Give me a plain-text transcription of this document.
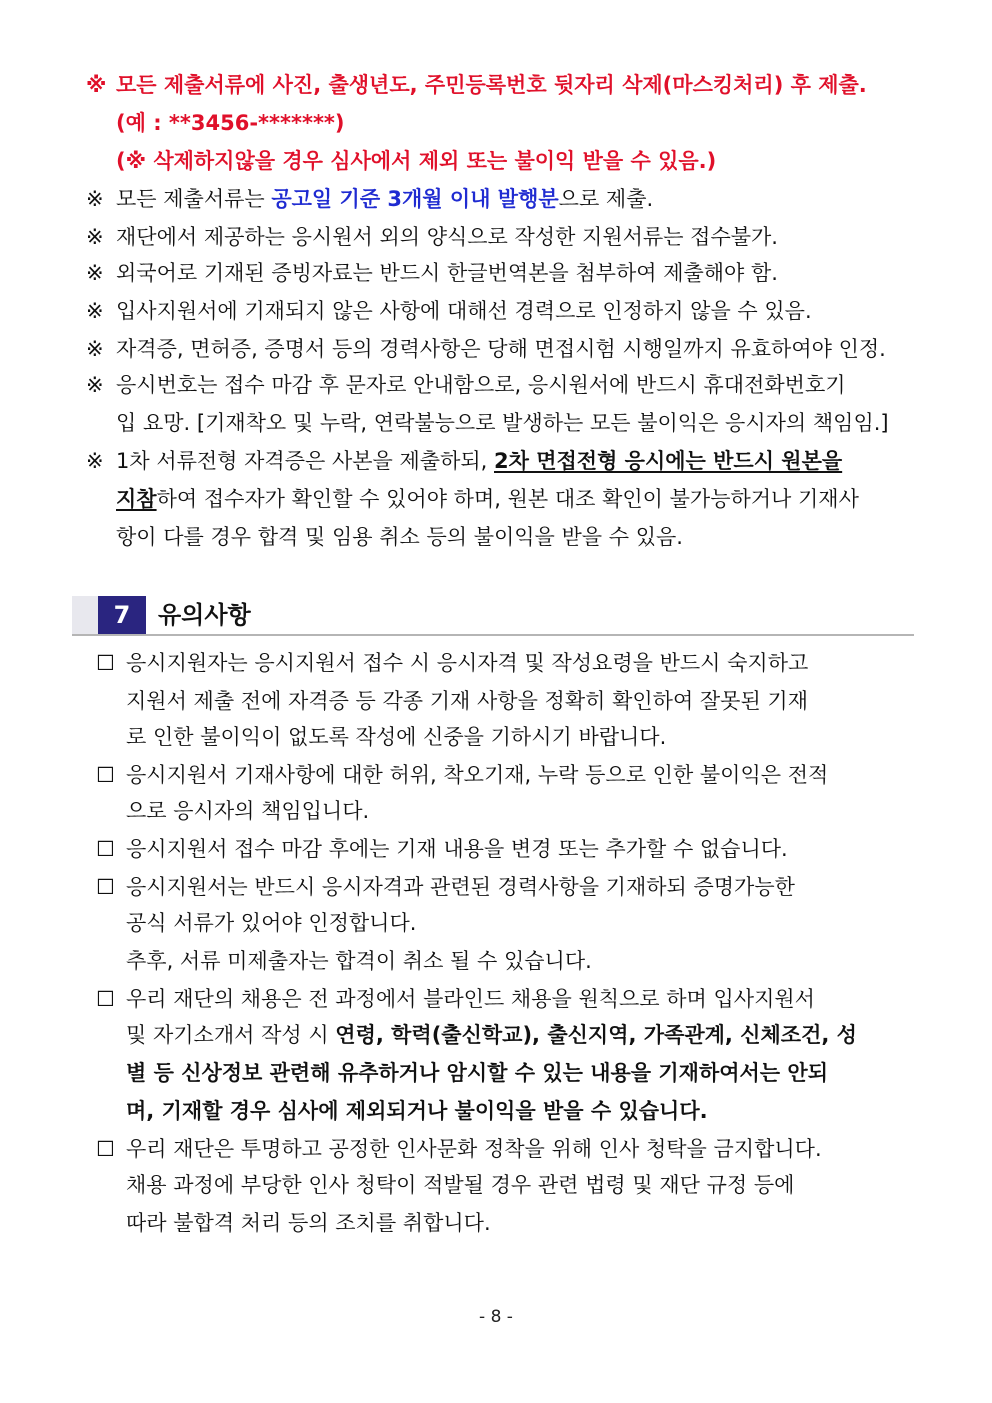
※ 모든 제출서류에 사진, 출생년도, 주민등록번호 뒷자리 삭제(마스킹처리) 후 제출.
(예 : **3456-*******)
(※ 삭제하지않을 경우 심사에서 제외 또는 불이익 받을 수 있음.)
※ 모든 제출서류는 공고일 기준 3개월 이내 발행분으로 제출.
※ 재단에서 제공하는 응시원서 외의 양식으로 작성한 지원서류는 접수불가.
※ 외국어로 기재된 증빙자료는 반드시 한글번역본을 첨부하여 제출해야 함.
※ 입사지원서에 기재되지 않은 사항에 대해선 경력으로 인정하지 않을 수 있음.
※ 자격증, 면허증, 증명서 등의 경력사항은 당해 면접시험 시행일까지 유효하여야 인정.
※ 응시번호는 접수 마감 후 문자로 안내함으로, 응시원서에 반드시 휴대전화번호기
입 요망. [기재착오 및 누락, 연락불능으로 발생하는 모든 불이익은 응시자의 책임임.]
※ 1차 서류전형 자격증은 사본을 제출하되, 2차 면접전형 응시에는 반드시 원본을
지참하여 접수자가 확인할 수 있어야 하며, 원본 대조 확인이 불가능하거나 기재사
항이 다를 경우 합격 및 임용 취소 등의 불이익을 받을 수 있음.
7	유의사항
☐ 응시지원자는 응시지원서 접수 시 응시자격 및 작성요령을 반드시 숙지하고
지원서 제출 전에 자격증 등 각종 기재 사항을 정확히 확인하여 잘못된 기재
로 인한 불이익이 없도록 작성에 신중을 기하시기 바랍니다.
☐ 응시지원서 기재사항에 대한 허위, 착오기재, 누락 등으로 인한 불이익은 전적
으로 응시자의 책임입니다.
☐ 응시지원서 접수 마감 후에는 기재 내용을 변경 또는 추가할 수 없습니다.
☐ 응시지원서는 반드시 응시자격과 관련된 경력사항을 기재하되 증명가능한
공식 서류가 있어야 인정합니다.
추후, 서류 미제출자는 합격이 취소 될 수 있습니다.
☐ 우리 재단의 채용은 전 과정에서 블라인드 채용을 원칙으로 하며 입사지원서
및 자기소개서 작성 시 연령, 학력(출신학교), 출신지역, 가족관계, 신체조건, 성
별 등 신상정보 관련해 유추하거나 암시할 수 있는 내용을 기재하여서는 안되
며, 기재할 경우 심사에 제외되거나 불이익을 받을 수 있습니다.
☐ 우리 재단은 투명하고 공정한 인사문화 정착을 위해 인사 청탁을 금지합니다.
채용 과정에 부당한 인사 청탁이 적발될 경우 관련 법령 및 재단 규정 등에
따라 불합격 처리 등의 조치를 취합니다.
- 8 -
